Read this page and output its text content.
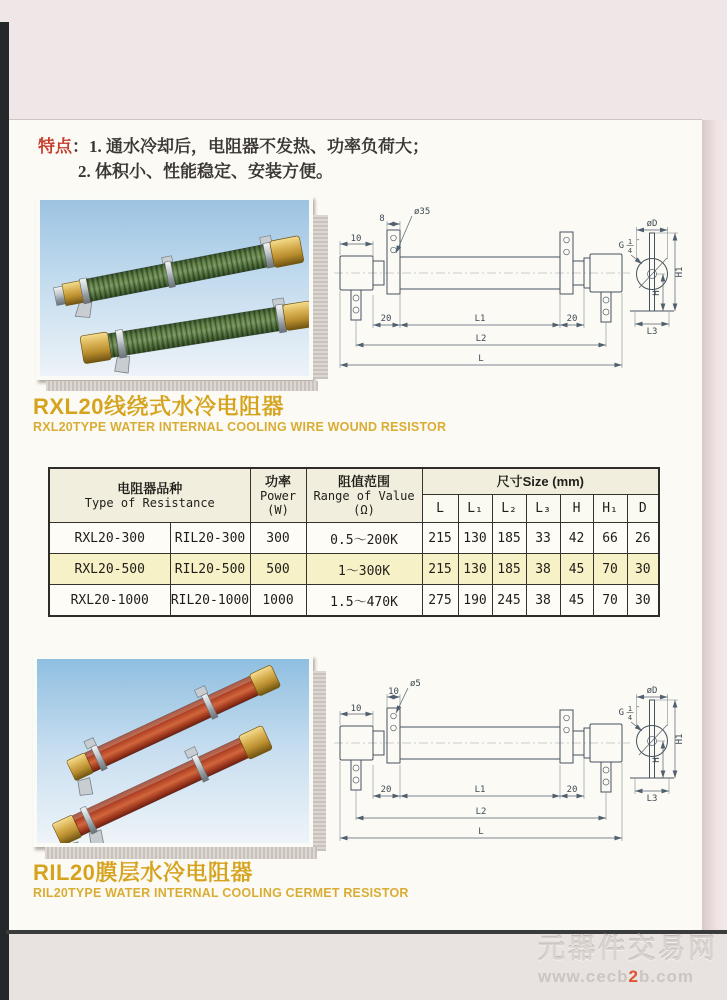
特点：1. 通水冷却后，电阻器不发热、功率负荷大；
2. 体积小、性能稳定、安装方便。
10
8
ø35
20	L1	20
L2
L
øD
G 1
4
″
H1
H
L3
RXL20线绕式水冷电阻器
RXL20TYPE WATER INTERNAL COOLING WIRE WOUND RESISTOR
电阻器品种
Type of Resistance

功率
Power
(W)

阻值范围
Range of Value
(Ω)
	尺寸Size (mm)
				L	L₁	L₂	L₃	H	H₁	D
RXL20-300	RIL20-300	300	0.5～200K	215	130	185	33	42	66	26
RXL20-500	RIL20-500	500	1～300K	215	130	185	38	45	70	30
RXL20-1000	RIL20-1000	1000	1.5～470K	275	190	245	38	45	70	30
10
ø5
10
20	L1	20
L2
L
øD
G 1
4
″
H1
H
L3
RIL20膜层水冷电阻器
RIL20TYPE WATER INTERNAL COOLING CERMET RESISTOR
元器件交易网
www.cecb2b.com
